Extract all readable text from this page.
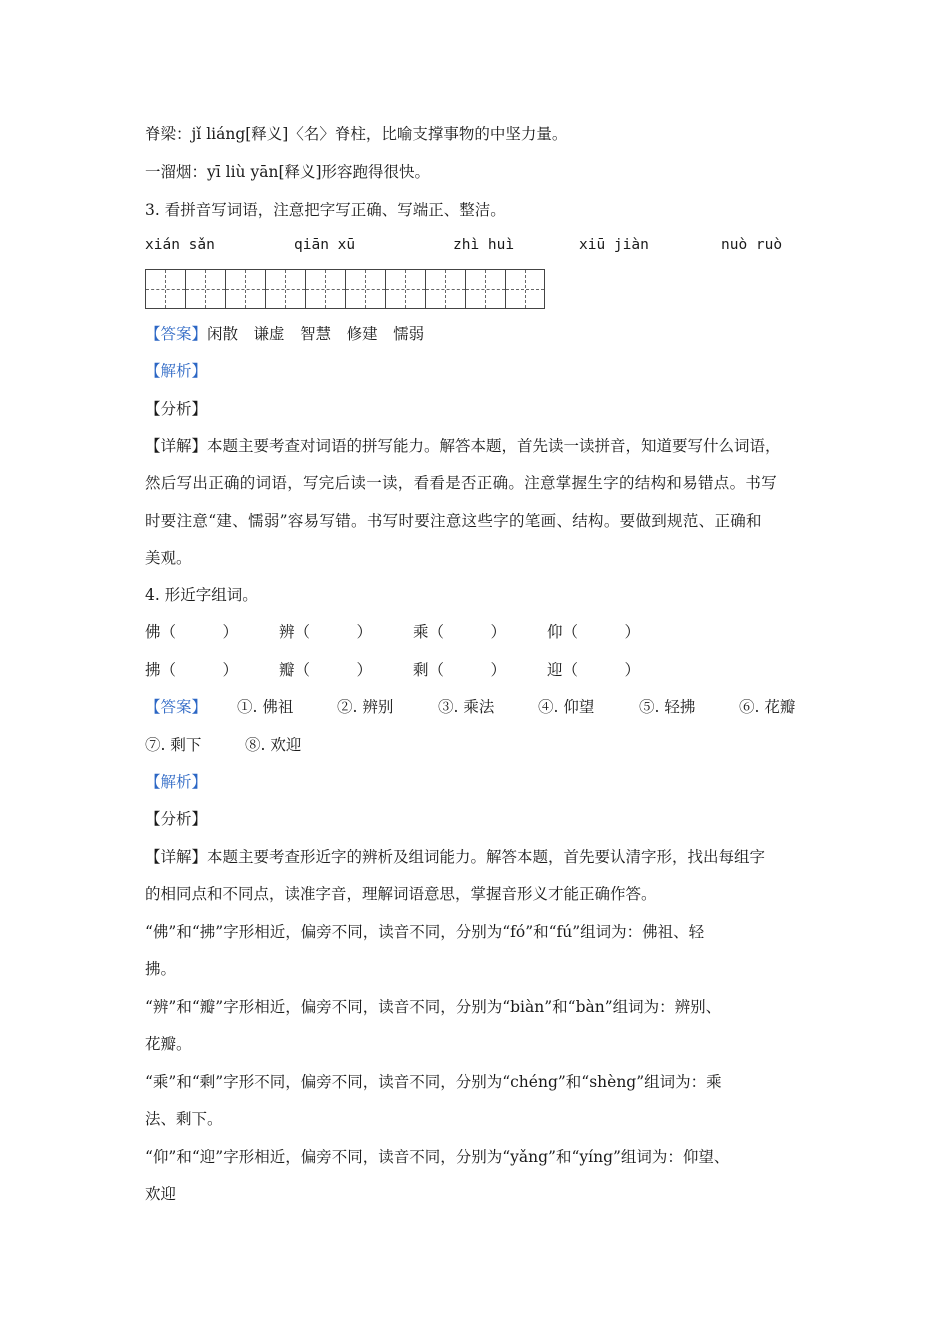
脊梁：jǐ liáng[释义]〈名〉脊柱，比喻支撑事物的中坚力量。
一溜烟：yī liù yān[释义]形容跑得很快。
3. 看拼音写词语，注意把字写正确、写端正、整洁。
xián sǎn	qiān xū	zhì huì	xiū jiàn	nuò ruò
【答案】闲散　 谦虚　 智慧　 修建　 懦弱
【解析】
【分析】
【详解】本题主要考查对词语的拼写能力。解答本题，首先读一读拼音，知道要写什么词语，
然后写出正确的词语，写完后读一读，看看是否正确。注意掌握生字的结构和易错点。书写
时要注意“建、懦弱”容易写错。书写时要注意这些字的笔画、结构。要做到规范、正确和
美观。
4. 形近字组词。
佛（　　　）	辨（　　　）	乘（　　　）	仰（　　　）
拂（　　　）	瓣（　　　）	剩（　　　）	迎（　　　）
【答案】 ①. 佛祖	②. 辨别	③. 乘法	④. 仰望	⑤. 轻拂	⑥. 花瓣
⑦. 剩下	⑧. 欢迎
【解析】
【分析】
【详解】本题主要考查形近字的辨析及组词能力。解答本题，首先要认清字形，找出每组字
的相同点和不同点，读准字音，理解词语意思，掌握音形义才能正确作答。
“佛”和“拂”字形相近，偏旁不同，读音不同，分别为“fó”和“fú”组词为：佛祖、轻
拂。
“辨”和“瓣”字形相近，偏旁不同，读音不同，分别为“biàn”和“bàn”组词为：辨别、
花瓣。
“乘”和“剩”字形不同，偏旁不同，读音不同，分别为“chéng”和“shèng”组词为：乘
法、剩下。
“仰”和“迎”字形相近，偏旁不同，读音不同，分别为“yǎng”和“yíng”组词为：仰望、
欢迎
